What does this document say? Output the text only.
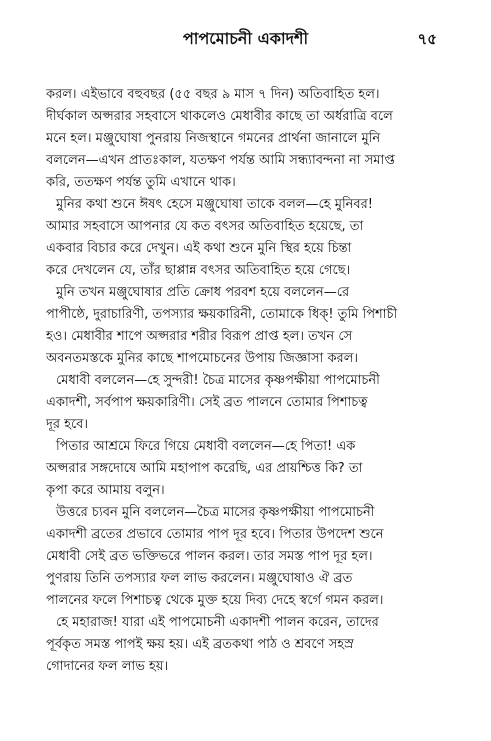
পাপমোচনী একাদশী	৭৫

করল। এইভাবে বহুবছর (৫৫ বছর ৯ মাস ৭ দিন) অতিবাহিত হল।
দীর্ঘকাল অপ্সরার সহবাসে থাকলেও মেধাবীর কাছে তা অর্ধরাত্রি বলে
মনে হল। মঞ্জুঘোষা পুনরায় নিজস্থানে গমনের প্রার্থনা জানালে মুনি
বললেন—এখন প্রাতঃকাল, যতক্ষণ পর্যন্ত আমি সন্ধ্যাবন্দনা না সমাপ্ত
করি, ততক্ষণ পর্যন্ত তুমি এখানে থাক।

মুনির কথা শুনে ঈষৎ হেসে মঞ্জুঘোষা তাকে বলল—হে মুনিবর!
আমার সহবাসে আপনার যে কত বৎসর অতিবাহিত হয়েছে, তা
একবার বিচার করে দেখুন। এই কথা শুনে মুনি স্থির হয়ে চিন্তা
করে দেখলেন যে, তাঁর ছাপ্পান্ন বৎসর অতিবাহিত হয়ে গেছে।

মুনি তখন মঞ্জুঘোষার প্রতি ক্রোধ পরবশ হয়ে বললেন—রে
পাপীষ্ঠে, দুরাচারিণী, তপস্যার ক্ষয়কারিনী, তোমাকে ধিক্! তুমি পিশাচী
হও। মেধাবীর শাপে অপ্সরার শরীর বিরূপ প্রাপ্ত হল। তখন সে
অবনতমস্তকে মুনির কাছে শাপমোচনের উপায় জিজ্ঞাসা করল।

মেধাবী বললেন—হে সুন্দরী! চৈত্র মাসের কৃষ্ণপক্ষীয়া পাপমোচনী
একাদশী, সর্বপাপ ক্ষয়কারিণী। সেই ব্রত পালনে তোমার পিশাচত্ব
দূর হবে।

পিতার আশ্রমে ফিরে গিয়ে মেধাবী বললেন—হে পিতা! এক
অপ্সরার সঙ্গদোষে আমি মহাপাপ করেছি, এর প্রায়শ্চিত্ত কি? তা
কৃপা করে আমায় বলুন।

উত্তরে চ্যবন মুনি বললেন—চৈত্র মাসের কৃষ্ণপক্ষীয়া পাপমোচনী
একাদশী ব্রতের প্রভাবে তোমার পাপ দূর হবে। পিতার উপদেশ শুনে
মেধাবী সেই ব্রত ভক্তিভরে পালন করল। তার সমস্ত পাপ দূর হল।
পুণরায় তিনি তপস্যার ফল লাভ করলেন। মঞ্জুঘোষাও ঐ ব্রত
পালনের ফলে পিশাচত্ব থেকে মুক্ত হয়ে দিব্য দেহে স্বর্গে গমন করল।

হে মহারাজ! যারা এই পাপমোচনী একাদশী পালন করেন, তাদের
পূর্বকৃত সমস্ত পাপই ক্ষয় হয়। এই ব্রতকথা পাঠ ও শ্রবণে সহস্র
গোদানের ফল লাভ হয়।
